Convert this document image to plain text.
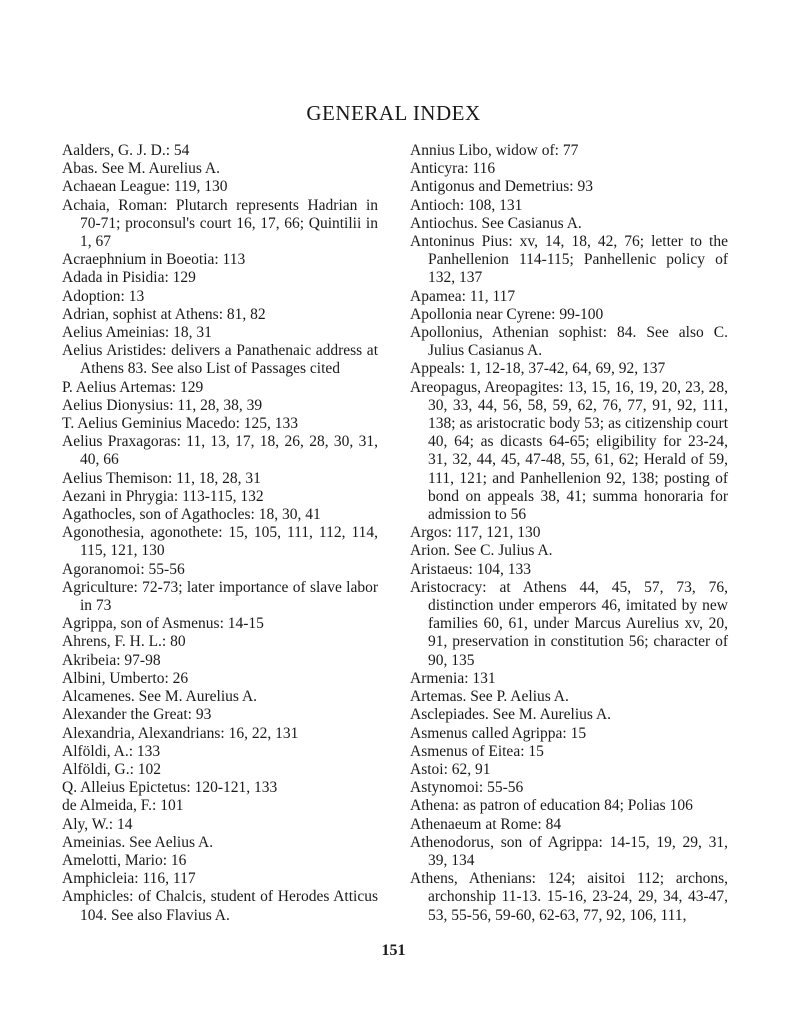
GENERAL INDEX
Aalders, G. J. D.: 54
Abas. See M. Aurelius A.
Achaean League: 119, 130
Achaia, Roman: Plutarch represents Hadrian in 70-71; proconsul's court 16, 17, 66; Quintilii in 1, 67
Acraephnium in Boeotia: 113
Adada in Pisidia: 129
Adoption: 13
Adrian, sophist at Athens: 81, 82
Aelius Ameinias: 18, 31
Aelius Aristides: delivers a Panathenaic address at Athens 83. See also List of Passages cited
P. Aelius Artemas: 129
Aelius Dionysius: 11, 28, 38, 39
T. Aelius Geminius Macedo: 125, 133
Aelius Praxagoras: 11, 13, 17, 18, 26, 28, 30, 31, 40, 66
Aelius Themison: 11, 18, 28, 31
Aezani in Phrygia: 113-115, 132
Agathocles, son of Agathocles: 18, 30, 41
Agonothesia, agonothete: 15, 105, 111, 112, 114, 115, 121, 130
Agoranomoi: 55-56
Agriculture: 72-73; later importance of slave labor in 73
Agrippa, son of Asmenus: 14-15
Ahrens, F. H. L.: 80
Akribeia: 97-98
Albini, Umberto: 26
Alcamenes. See M. Aurelius A.
Alexander the Great: 93
Alexandria, Alexandrians: 16, 22, 131
Alföldi, A.: 133
Alföldi, G.: 102
Q. Alleius Epictetus: 120-121, 133
de Almeida, F.: 101
Aly, W.: 14
Ameinias. See Aelius A.
Amelotti, Mario: 16
Amphicleia: 116, 117
Amphicles: of Chalcis, student of Herodes Atticus 104. See also Flavius A.
Annius Libo, widow of: 77
Anticyra: 116
Antigonus and Demetrius: 93
Antioch: 108, 131
Antiochus. See Casianus A.
Antoninus Pius: xv, 14, 18, 42, 76; letter to the Panhellenion 114-115; Panhellenic policy of 132, 137
Apamea: 11, 117
Apollonia near Cyrene: 99-100
Apollonius, Athenian sophist: 84. See also C. Julius Casianus A.
Appeals: 1, 12-18, 37-42, 64, 69, 92, 137
Areopagus, Areopagites: 13, 15, 16, 19, 20, 23, 28, 30, 33, 44, 56, 58, 59, 62, 76, 77, 91, 92, 111, 138; as aristocratic body 53; as citizenship court 40, 64; as dicasts 64-65; eligibility for 23-24, 31, 32, 44, 45, 47-48, 55, 61, 62; Herald of 59, 111, 121; and Panhellenion 92, 138; posting of bond on appeals 38, 41; summa honoraria for admission to 56
Argos: 117, 121, 130
Arion. See C. Julius A.
Aristaeus: 104, 133
Aristocracy: at Athens 44, 45, 57, 73, 76, distinction under emperors 46, imitated by new families 60, 61, under Marcus Aurelius xv, 20, 91, preservation in constitution 56; character of 90, 135
Armenia: 131
Artemas. See P. Aelius A.
Asclepiades. See M. Aurelius A.
Asmenus called Agrippa: 15
Asmenus of Eitea: 15
Astoi: 62, 91
Astynomoi: 55-56
Athena: as patron of education 84; Polias 106
Athenaeum at Rome: 84
Athenodorus, son of Agrippa: 14-15, 19, 29, 31, 39, 134
Athens, Athenians: 124; aisitoi 112; archons, archonship 11-13. 15-16, 23-24, 29, 34, 43-47, 53, 55-56, 59-60, 62-63, 77, 92, 106, 111,
151
